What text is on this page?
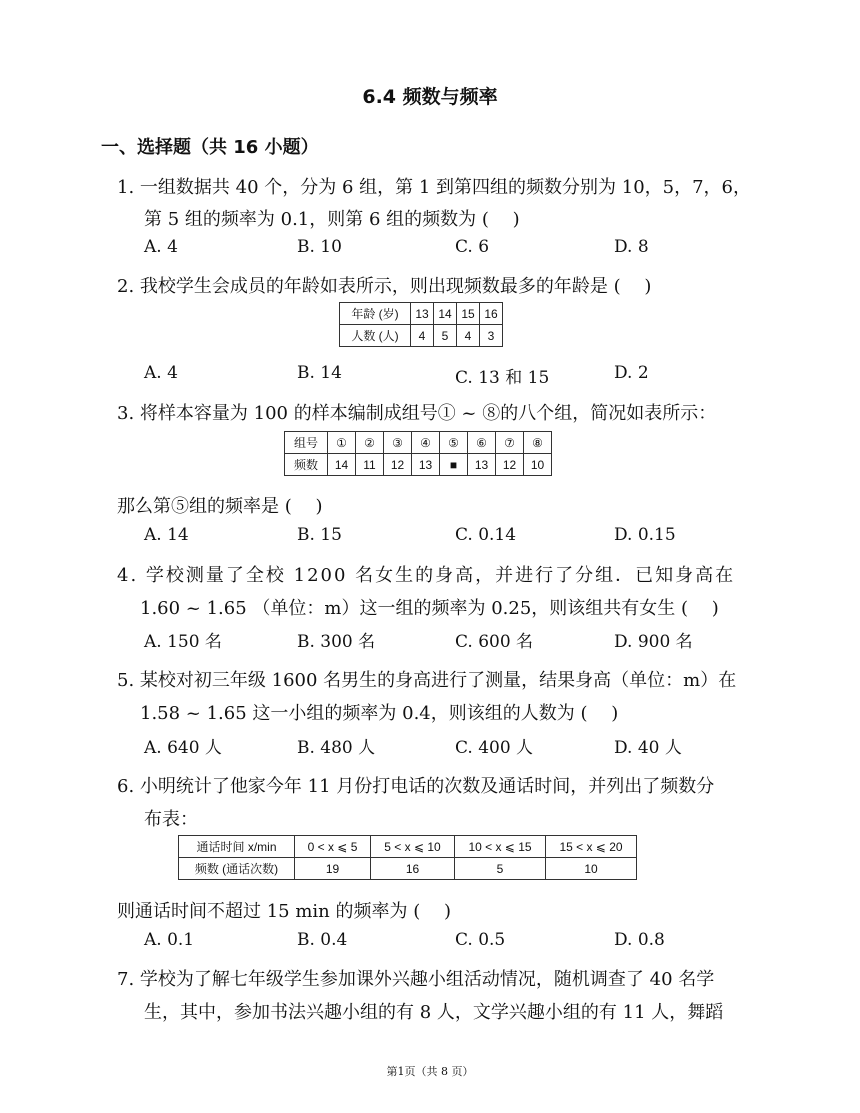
6.4 频数与频率
一、选择题（共 16 小题）
1. 一组数据共 40 个，分为 6 组，第 1 到第四组的频数分别为 10，5，7，6，
第 5 组的频率为 0.1，则第 6 组的频数为 (　 )
A. 4	B. 10	C. 6	D. 8
2. 我校学生会成员的年龄如表所示，则出现频数最多的年龄是 (　 )
年龄 (岁)	13	14	15	16
人数 (人)	4	5	4	3
A. 4	B. 14	C. 13 和 15	D. 2
3. 将样本容量为 100 的样本编制成组号① ~ ⑧的八个组，简况如表所示：
组号	①	②	③	④	⑤	⑥	⑦	⑧
频数	14	11	12	13	■	13	12	10
那么第⑤组的频率是 (　 )
A. 14	B. 15	C. 0.14	D. 0.15
4. 学校测量了全校 1200 名女生的身高，并进行了分组．已知身高在
1.60 ~ 1.65 （单位：m）这一组的频率为 0.25，则该组共有女生 (　 )
A. 150 名	B. 300 名	C. 600 名	D. 900 名
5. 某校对初三年级 1600 名男生的身高进行了测量，结果身高（单位：m）在
1.58 ~ 1.65 这一小组的频率为 0.4，则该组的人数为 (　 )
A. 640 人	B. 480 人	C. 400 人	D. 40 人
6. 小明统计了他家今年 11 月份打电话的次数及通话时间，并列出了频数分
布表：
通话时间 x/min	0 < x ⩽ 5	5 < x ⩽ 10	10 < x ⩽ 15	15 < x ⩽ 20
频数 (通话次数)	19	16	5	10
则通话时间不超过 15 min 的频率为 (　 )
A. 0.1	B. 0.4	C. 0.5	D. 0.8
7. 学校为了解七年级学生参加课外兴趣小组活动情况，随机调查了 40 名学
生，其中，参加书法兴趣小组的有 8 人，文学兴趣小组的有 11 人，舞蹈
第1页（共 8 页）
